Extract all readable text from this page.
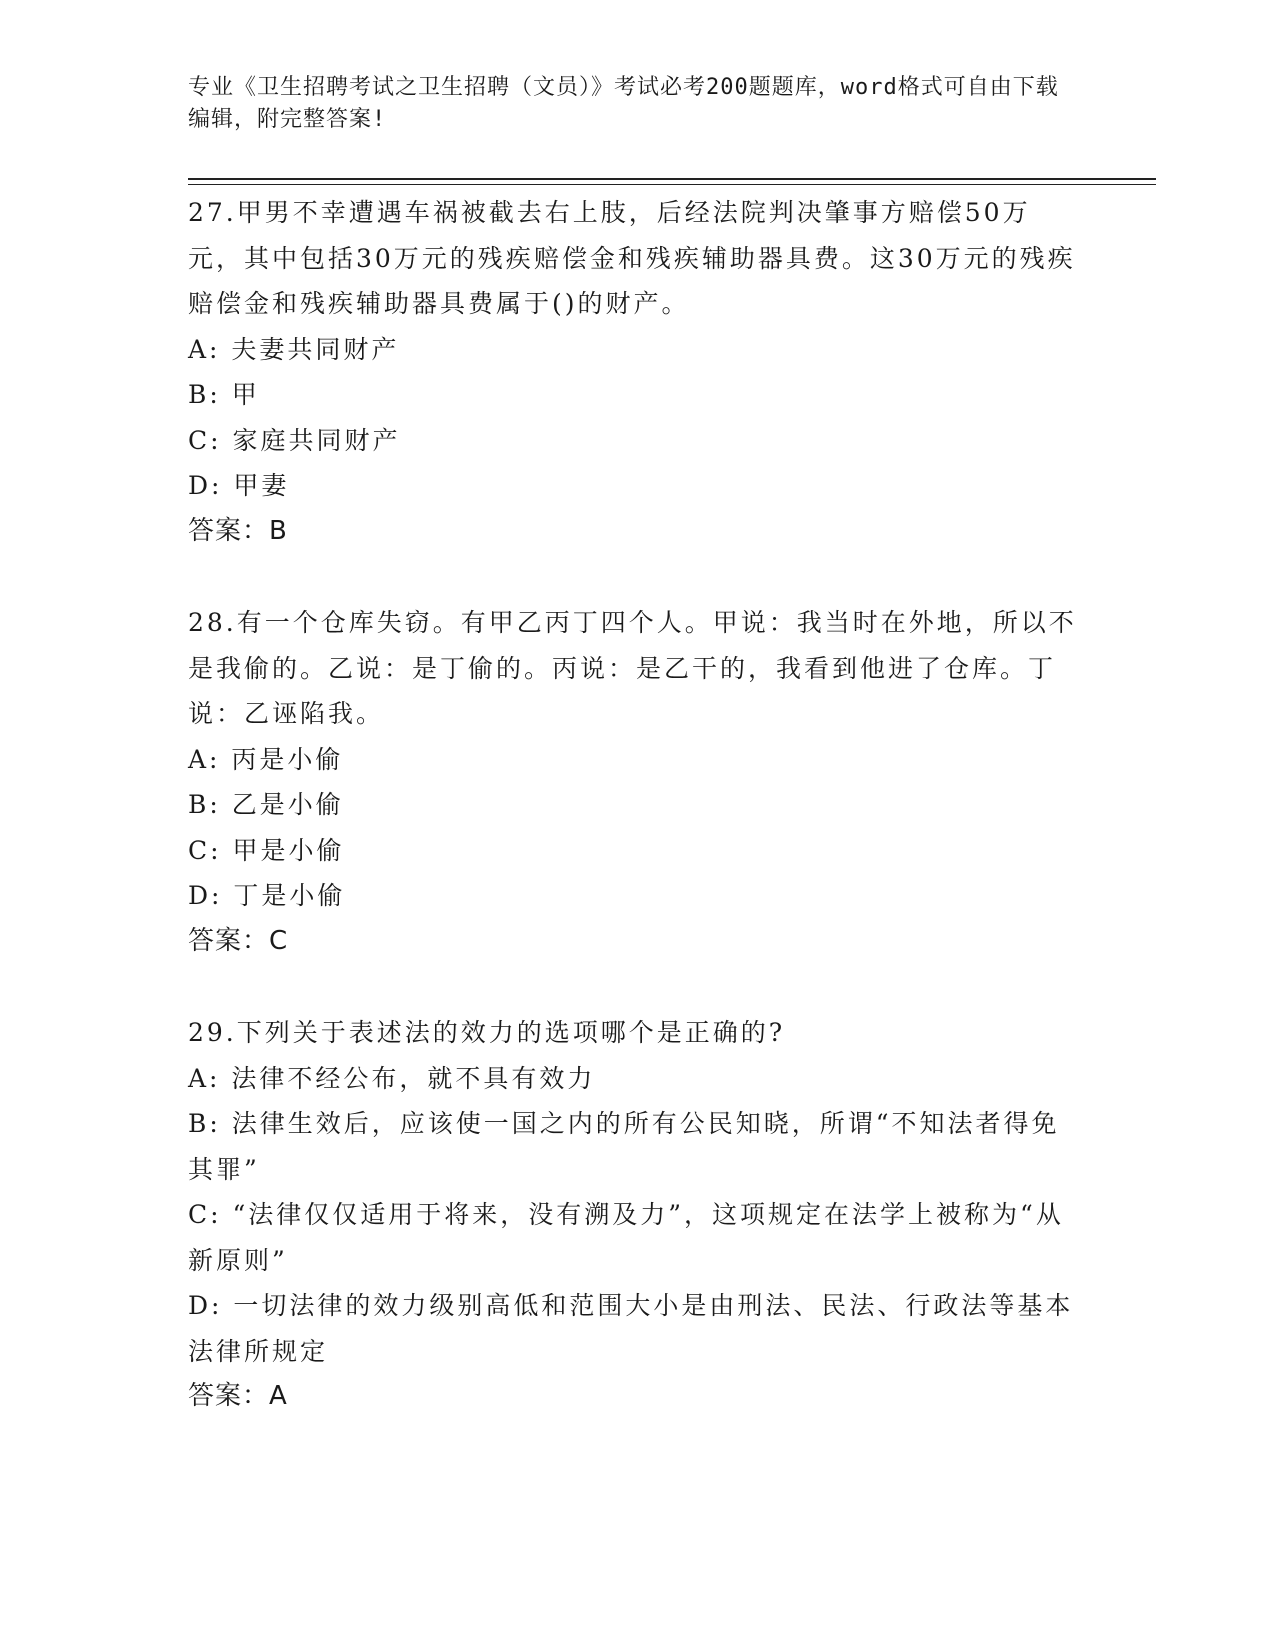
专业《卫生招聘考试之卫生招聘（文员）》考试必考200题题库，word格式可自由下载编辑，附完整答案!
27.甲男不幸遭遇车祸被截去右上肢，后经法院判决肇事方赔偿50万元，其中包括30万元的残疾赔偿金和残疾辅助器具费。这30万元的残疾赔偿金和残疾辅助器具费属于()的财产。
A: 夫妻共同财产
B: 甲
C: 家庭共同财产
D: 甲妻
答案：B
28.有一个仓库失窃。有甲乙丙丁四个人。甲说：我当时在外地，所以不是我偷的。乙说：是丁偷的。丙说：是乙干的，我看到他进了仓库。丁说：乙诬陷我。
A: 丙是小偷
B: 乙是小偷
C: 甲是小偷
D: 丁是小偷
答案：C
29.下列关于表述法的效力的选项哪个是正确的?
A: 法律不经公布，就不具有效力
B: 法律生效后，应该使一国之内的所有公民知晓，所谓“不知法者得免其罪”
C: “法律仅仅适用于将来，没有溯及力”，这项规定在法学上被称为“从新原则”
D: 一切法律的效力级别高低和范围大小是由刑法、民法、行政法等基本法律所规定
答案：A
